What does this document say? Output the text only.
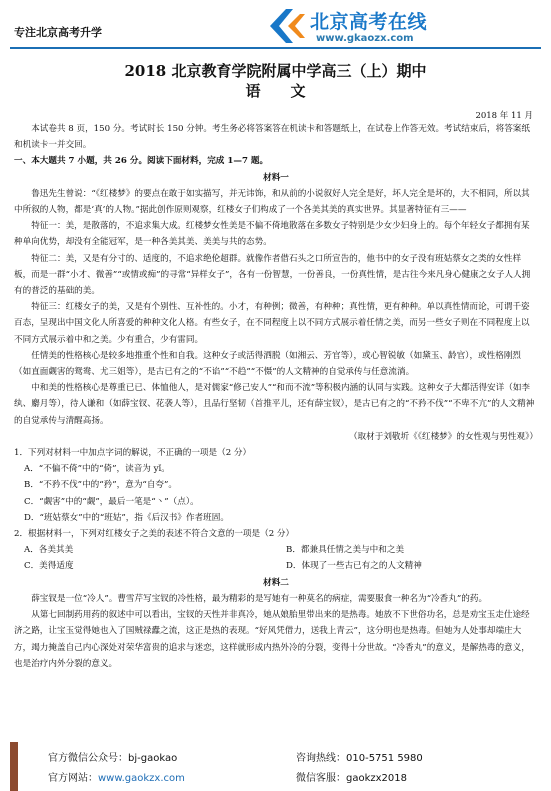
专注北京高考升学	北京高考在线
www.gkaozx.com
2018 北京教育学院附属中学高三（上）期中
语文
2018 年 11 月

本试卷共 8 页，150 分。考试时长 150 分钟。考生务必将答案答在机读卡和答题纸上，在试卷上作答无效。考试结束后，将答案纸和机读卡一并交回。

一、本大题共 7 小题，共 26 分。阅读下面材料，完成 1—7 题。

材料一

鲁迅先生曾说：“《红楼梦》的要点在敢于如实描写，并无讳饰，和从前的小说叙好人完全是好，坏人完全是坏的，大不相同，所以其中所叙的人物，都是‘真’的人物。”据此创作原则观察，红楼女子们构成了一个各美其美的真实世界。其显著特征有三——

特征一：美，是散落的，不追求集大成。红楼梦女性美是不偏不倚地散落在多数女子特别是少女少妇身上的。每个年轻女子都拥有某种单向优势，却没有全能冠军，是一种各美其美、美美与共的态势。

特征二：美，又是有分寸的、适度的，不追求绝伦超群。就像作者借石头之口所宣告的，他书中的女子没有班姑蔡女之类的女性样板，而是一群“小才、微善”“或情或痴”的寻常“异样女子”，各有一份智慧，一份善良，一份真性情，是古往今来凡身心健康之女子人人拥有的普泛的基础的美。

特征三：红楼女子的美，又是有个别性、互补性的。小才，有种例；微善，有种种；真性情，更有种种。单以真性情而论，可谓千姿百态，呈现出中国文化人所喜爱的种种文化人格。有些女子，在不同程度上以不同方式展示着任情之美，而另一些女子则在不同程度上以不同方式展示着中和之美。少有重合，少有雷同。

任情美的性格核心是较多地推重个性和自我。这种女子或活得洒脱（如湘云、芳官等），或心智锐敏（如黛玉、龄官），或性格刚烈（如直面觑害的鸳鸯、尤三姐等），是古已有之的“不谄”“不趋”“不慑”的人文精神的自觉承传与任意流淌。

中和美的性格核心是尊重已已、体恤他人，是对儒家“修己安人”“和而不流”等积极内涵的认同与实践。这种女子大都活得安详（如李纨、麝月等），待人谦和（如薛宝钗、花袭人等），且品行坚韧（首推平儿，还有薛宝钗），是古已有之的“不矜不伐”“不卑不亢”的人文精神的自觉承传与清醒高扬。

（取材于刘敬圻《《红楼梦》的女性观与男性观》）

1．下列对材料一中加点字词的解说，不正确的一项是（2 分）

A．“不偏不倚”中的“倚”，读音为 yǐ。

B．“不矜不伐”中的“矜”，意为“自夸”。

C．“觑害”中的“觑”，最后一笔是“丶”（点）。

D．“班姑蔡女”中的“班姑”，指《后汉书》作者班固。

2．根据材料一，下列对红楼女子之美的表述不符合文意的一项是（2 分）

A．各美其美	B．都兼具任情之美与中和之美
C．美得适度	D．体现了一些古已有之的人文精神

材料二

薛宝钗是一位“冷人”。曹雪芹写宝钗的冷性格，最为精彩的是写她有一种莫名的病症，需要服食一种名为“冷香丸”的药。

从第七回制药用药的叙述中可以看出，宝钗的天性并非真冷，她从娘胎里带出来的是热毒。她放不下世俗功名，总是劝宝玉走仕途经济之路，让宝玉觉得她也入了国贼禄蠹之流，这正是热的表现。“好风凭借力，送我上青云”，这分明也是热毒。但她为人处事却端庄大方，竭力掩盖自己内心深处对荣华富贵的追求与迷恋，这样就形成内热外冷的分裂，变得十分世故。“冷香丸”的意义，是解热毒的意义，也是治疗内外分裂的意义。

官方微信公众号：bj-gaokao
官方网站：www.gaokzx.com
咨询热线：010-5751 5980
微信客服：gaokzx2018
